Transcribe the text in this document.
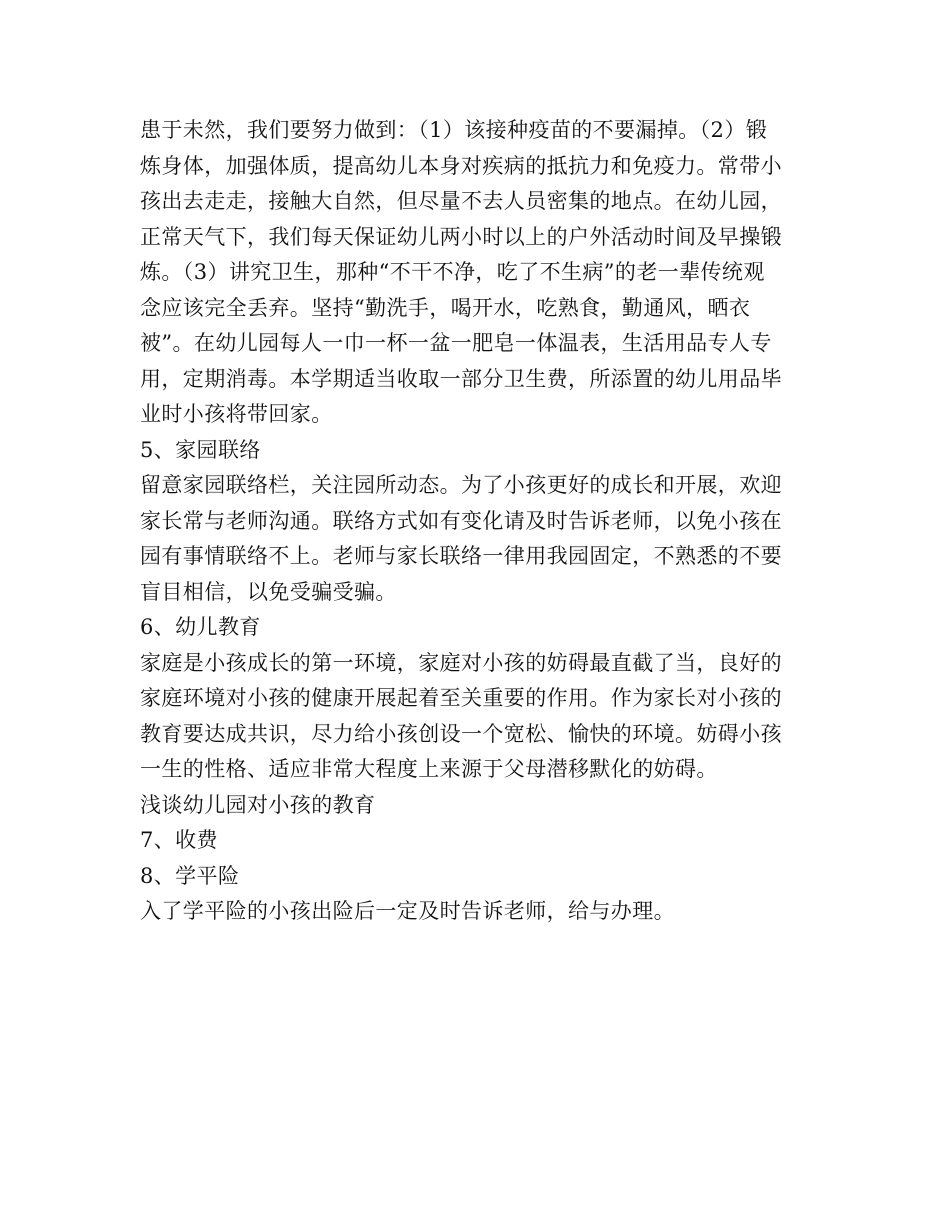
患于未然，我们要努力做到：（1）该接种疫苗的不要漏掉。（2）锻
炼身体，加强体质，提高幼儿本身对疾病的抵抗力和免疫力。常带小
孩出去走走，接触大自然，但尽量不去人员密集的地点。在幼儿园，
正常天气下，我们每天保证幼儿两小时以上的户外活动时间及早操锻
炼。（3）讲究卫生，那种“不干不净，吃了不生病”的老一辈传统观
念应该完全丢弃。坚持“勤洗手，喝开水，吃熟食，勤通风，晒衣
被”。在幼儿园每人一巾一杯一盆一肥皂一体温表，生活用品专人专
用，定期消毒。本学期适当收取一部分卫生费，所添置的幼儿用品毕
业时小孩将带回家。
5、家园联络
留意家园联络栏，关注园所动态。为了小孩更好的成长和开展，欢迎
家长常与老师沟通。联络方式如有变化请及时告诉老师，以免小孩在
园有事情联络不上。老师与家长联络一律用我园固定，不熟悉的不要
盲目相信，以免受骗受骗。
6、幼儿教育
家庭是小孩成长的第一环境，家庭对小孩的妨碍最直截了当，良好的
家庭环境对小孩的健康开展起着至关重要的作用。作为家长对小孩的
教育要达成共识，尽力给小孩创设一个宽松、愉快的环境。妨碍小孩
一生的性格、适应非常大程度上来源于父母潜移默化的妨碍。
浅谈幼儿园对小孩的教育
7、收费
8、学平险
入了学平险的小孩出险后一定及时告诉老师，给与办理。
